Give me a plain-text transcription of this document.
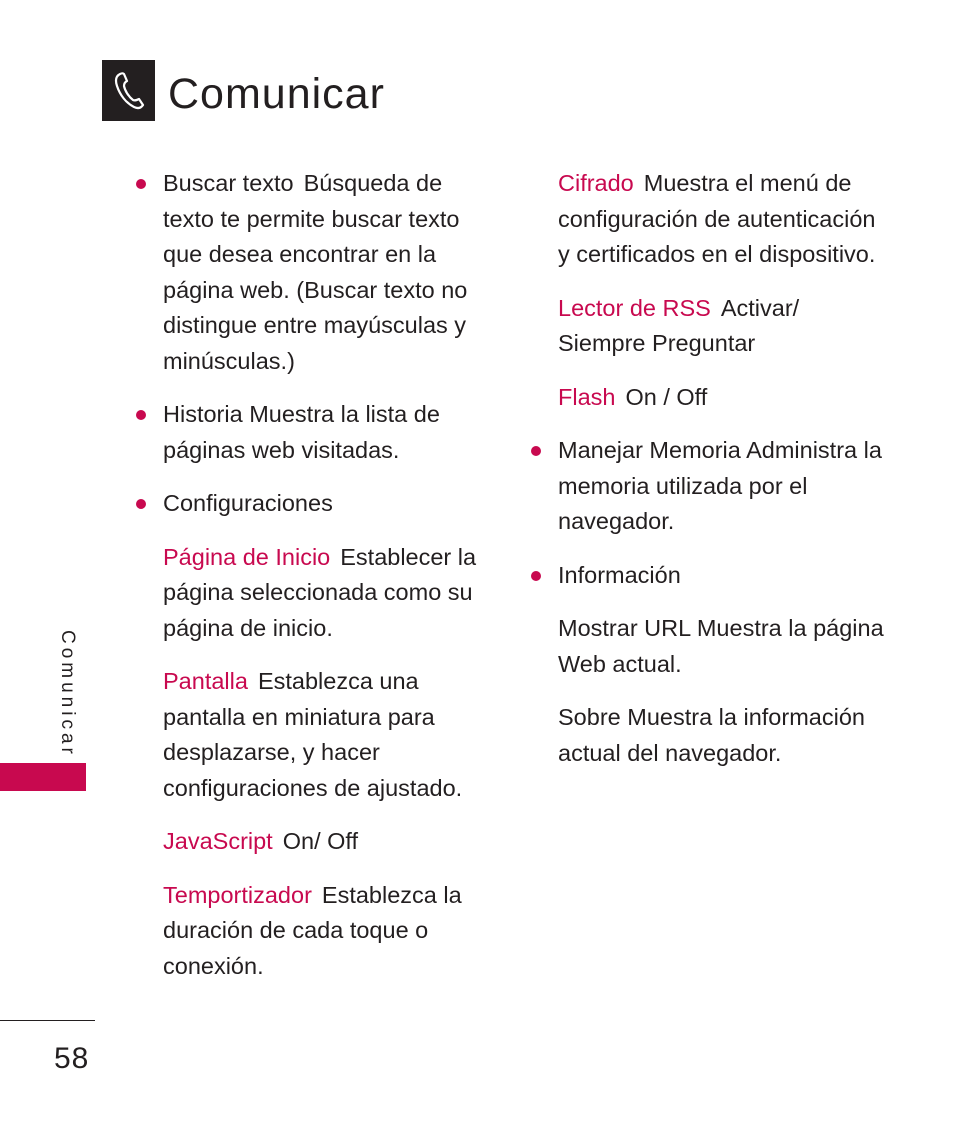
Comunicar

Buscar texto Búsqueda de texto te permite buscar texto que desea encontrar en la página web. (Buscar texto no distingue entre mayúsculas y minúsculas.)

Historia Muestra la lista de páginas web visitadas.

Configuraciones

Página de Inicio Establecer la página seleccionada como su página de inicio.

Pantalla Establezca una pantalla en miniatura para desplazarse, y hacer configuraciones de ajustado.

JavaScript On/ Off

Temportizador Establezca la duración de cada toque o conexión.

Cifrado Muestra el menú de configuración de autenticación y certificados en el dispositivo.

Lector de RSS Activar/ Siempre Preguntar

Flash On / Off

Manejar Memoria Administra la memoria utilizada por el navegador.

Información

Mostrar URL Muestra la página Web actual.

Sobre Muestra la información actual del navegador.

Comunicar
58
